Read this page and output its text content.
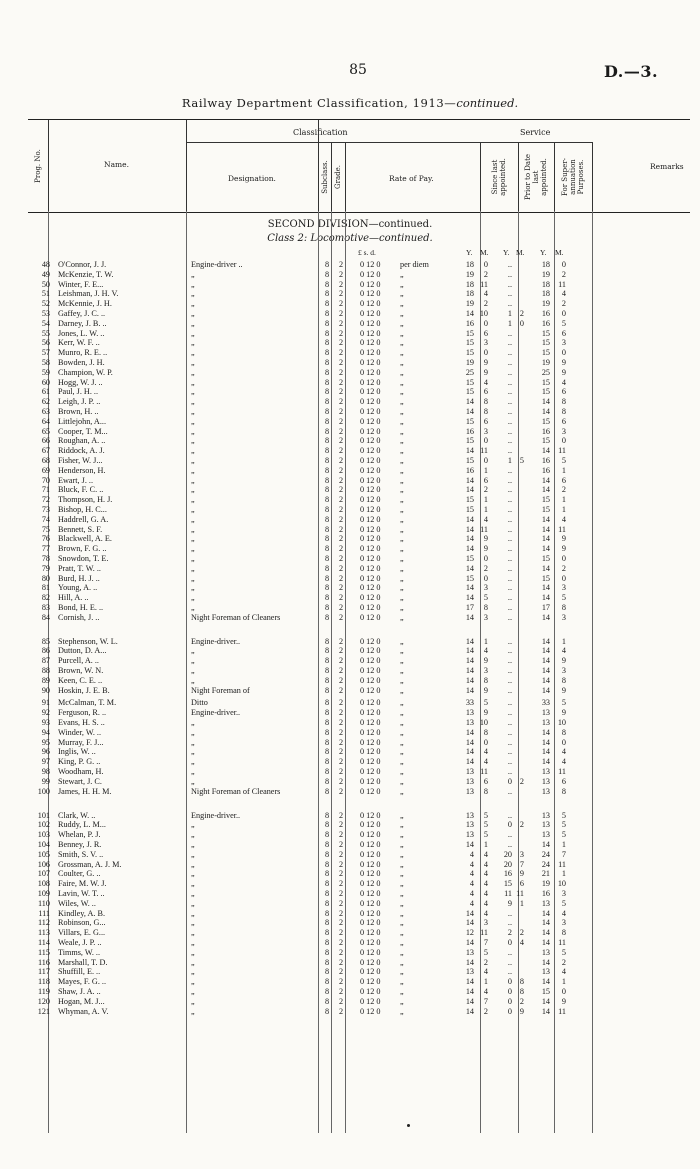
85	D.—3.
Railway Department Classification, 1913—continued.
Prog. No.	Name.
Classification
Designation.	Subclass. Grade.	Rate of Pay.
Service
Since last
appointed. Prior to Date
last
appointed. For Super-
annuation
Purposes.	Remarks
SECOND DIVISION—continued.
Class 2: Locomotive—continued.
£ s. d.	Y. M. Y. M. Y. M.
48 O'Connor, J. J.	Engine-driver ..	8	2	0 12 0 per diem	18	0	..	18	0
49 McKenzie, T. W.	„	8	2	0 12 0 „	19	2	..	19	2
50 Winter, F. E...	„	8	2	0 12 0 „	18 11	..	18 11
51 Leishman, J. H. V.	„	8	2	0 12 0 „	18	4	..	18	4
52 McKennie, J. H.	„	8	2	0 12 0 „	19	2	..	19	2
53 Gaffey, J. C. ..	„	8	2	0 12 0 „	14 10	1 2	16	0
54 Darney, J. B. ..	„	8	2	0 12 0 „	16	0	1 0	16	5
55 Jones, L. W. ..	„	8	2	0 12 0 „	15	6	..	15	6
56 Kerr, W. F. ..	„	8	2	0 12 0 „	15	3	..	15	3
57 Munro, R. E. ..	„	8	2	0 12 0 „	15	0	..	15	0
58 Bowden, J. H.	„	8	2	0 12 0 „	19	9	..	19	9
59 Champion, W. P.	„	8	2	0 12 0 „	25	9	..	25	9
60 Hogg, W. J. ..	„	8	2	0 12 0 „	15	4	..	15	4
61 Paul, J. H. ..	„	8	2	0 12 0 „	15	6	..	15	6
62 Leigh, J. P. ..	„	8	2	0 12 0 „	14	8	..	14	8
63 Brown, H. ..	„	8	2	0 12 0 „	14	8	..	14	8
64 Littlejohn, A...	„	8	2	0 12 0 „	15	6	..	15	6
65 Cooper, T. M...	„	8	2	0 12 0 „	16	3	..	16	3
66 Roughan, A. ..	„	8	2	0 12 0 „	15	0	..	15	0
67 Riddock, A. J.	„	8	2	0 12 0 „	14 11	..	14 11
68 Fisher, W. J...	„	8	2	0 12 0 „	15	0	1 5	16	5
69 Henderson, H.	„	8	2	0 12 0 „	16	1	..	16	1
70 Ewart, J. ..	„	8	2	0 12 0 „	14	6	..	14	6
71 Bluck, F. C. ..	„	8	2	0 12 0 „	14	2	..	14	2
72 Thompson, H. J.	„	8	2	0 12 0 „	15	1	..	15	1
73 Bishop, H. C...	„	8	2	0 12 0 „	15	1	..	15	1
74 Haddrell, G. A.	„	8	2	0 12 0 „	14	4	..	14	4
75 Bennett, S. F.	„	8	2	0 12 0 „	14 11	..	14 11
76 Blackwell, A. E.	„	8	2	0 12 0 „	14	9	..	14	9
77 Brown, F. G. ..	„	8	2	0 12 0 „	14	9	..	14	9
78 Snowdon, T. E.	„	8	2	0 12 0 „	15	0	..	15	0
79 Pratt, T. W. ..	„	8	2	0 12 0 „	14	2	..	14	2
80 Burd, H. J. ..	„	8	2	0 12 0 „	15	0	..	15	0
81 Young, A. ..	„	8	2	0 12 0 „	14	3	..	14	3
82 Hill, A. ..	„	8	2	0 12 0 „	14	5	..	14	5
83 Bond, H. E. ..	„	8	2	0 12 0 „	17	8	..	17	8
84 Cornish, J. ..	Night Foreman of Cleaners	8	2	0 12 0 „	14	3	..	14	3
85 Stephenson, W. L.	Engine-driver..	8	2	0 12 0 „	14	1	..	14	1
86 Dutton, D. A...	„	8	2	0 12 0 „	14	4	..	14	4
87 Purcell, A. ..	„	8	2	0 12 0 „	14	9	..	14	9
88 Brown, W. N.	„	8	2	0 12 0 „	14	3	..	14	3
89 Keen, C. E. ..	„	8	2	0 12 0 „	14	8	..	14	8
90 Hoskin, J. E. B.	Night Foreman of	8	2	0 12 0 „	14	9	..	14	9
91 McCalman, T. M.	Ditto	8	2	0 12 0 „	33	5	..	33	5
92 Ferguson, R. ..	Engine-driver..	8	2	0 12 0 „	13	9	..	13	9
93 Evans, H. S. ..	„	8	2	0 12 0 „	13 10	..	13 10
94 Winder, W. ..	„	8	2	0 12 0 „	14	8	..	14	8
95 Murray, F. J...	„	8	2	0 12 0 „	14	0	..	14	0
96 Inglis, W. ..	„	8	2	0 12 0 „	14	4	..	14	4
97 King, P. G. ..	„	8	2	0 12 0 „	14	4	..	14	4
98 Woodham, H.	„	8	2	0 12 0 „	13 11	..	13 11
99 Stewart, J. C.	„	8	2	0 12 0 „	13	6	0 2	13	6
100 James, H. H. M.	Night Foreman of Cleaners	8	2	0 12 0 „	13	8	..	13	8
101 Clark, W. ..	Engine-driver..	8	2	0 12 0 „	13	5	..	13	5
102 Ruddy, L. M...	„	8	2	0 12 0 „	13	5	0 2	13	5
103 Whelan, P. J.	„	8	2	0 12 0 „	13	5	..	13	5
104 Benney, J. R.	„	8	2	0 12 0 „	14	1	..	14	1
105 Smith, S. V. ..	„	8	2	0 12 0 „	4	4	20 3	24	7
106 Grossman, A. J. M.	„	8	2	0 12 0 „	4	4	20 7	24 11
107 Coulter, G. ..	„	8	2	0 12 0 „	4	4	16 9	21	1
108 Faire, M. W. J.	„	8	2	0 12 0 „	4	4	15 6	19 10
109 Lavin, W. T. ..	„	8	2	0 12 0 „	4	4	11 11	16	3
110 Wiles, W. ..	„	8	2	0 12 0 „	4	4	9 1	13	5
111 Kindley, A. B.	„	8	2	0 12 0 „	14	4	..	14	4
112 Robinson, G...	„	8	2	0 12 0 „	14	3	..	14	3
113 Villars, E. G...	„	8	2	0 12 0 „	12 11	2 2	14	8
114 Weale, J. P. ..	„	8	2	0 12 0 „	14	7	0 4	14 11
115 Timms, W. ..	„	8	2	0 12 0 „	13	5	..	13	5
116 Marshall, T. D.	„	8	2	0 12 0 „	14	2	..	14	2
117 Shuffill, E. ..	„	8	2	0 12 0 „	13	4	..	13	4
118 Mayes, F. G. ..	„	8	2	0 12 0 „	14	1	0 8	14	1
119 Shaw, J. A. ..	„	8	2	0 12 0 „	14	4	0 8	15	0
120 Hogan, M. J...	„	8	2	0 12 0 „	14	7	0 2	14	9
121 Whyman, A. V.	„	8	2	0 12 0 „	14	2	0 9	14 11
